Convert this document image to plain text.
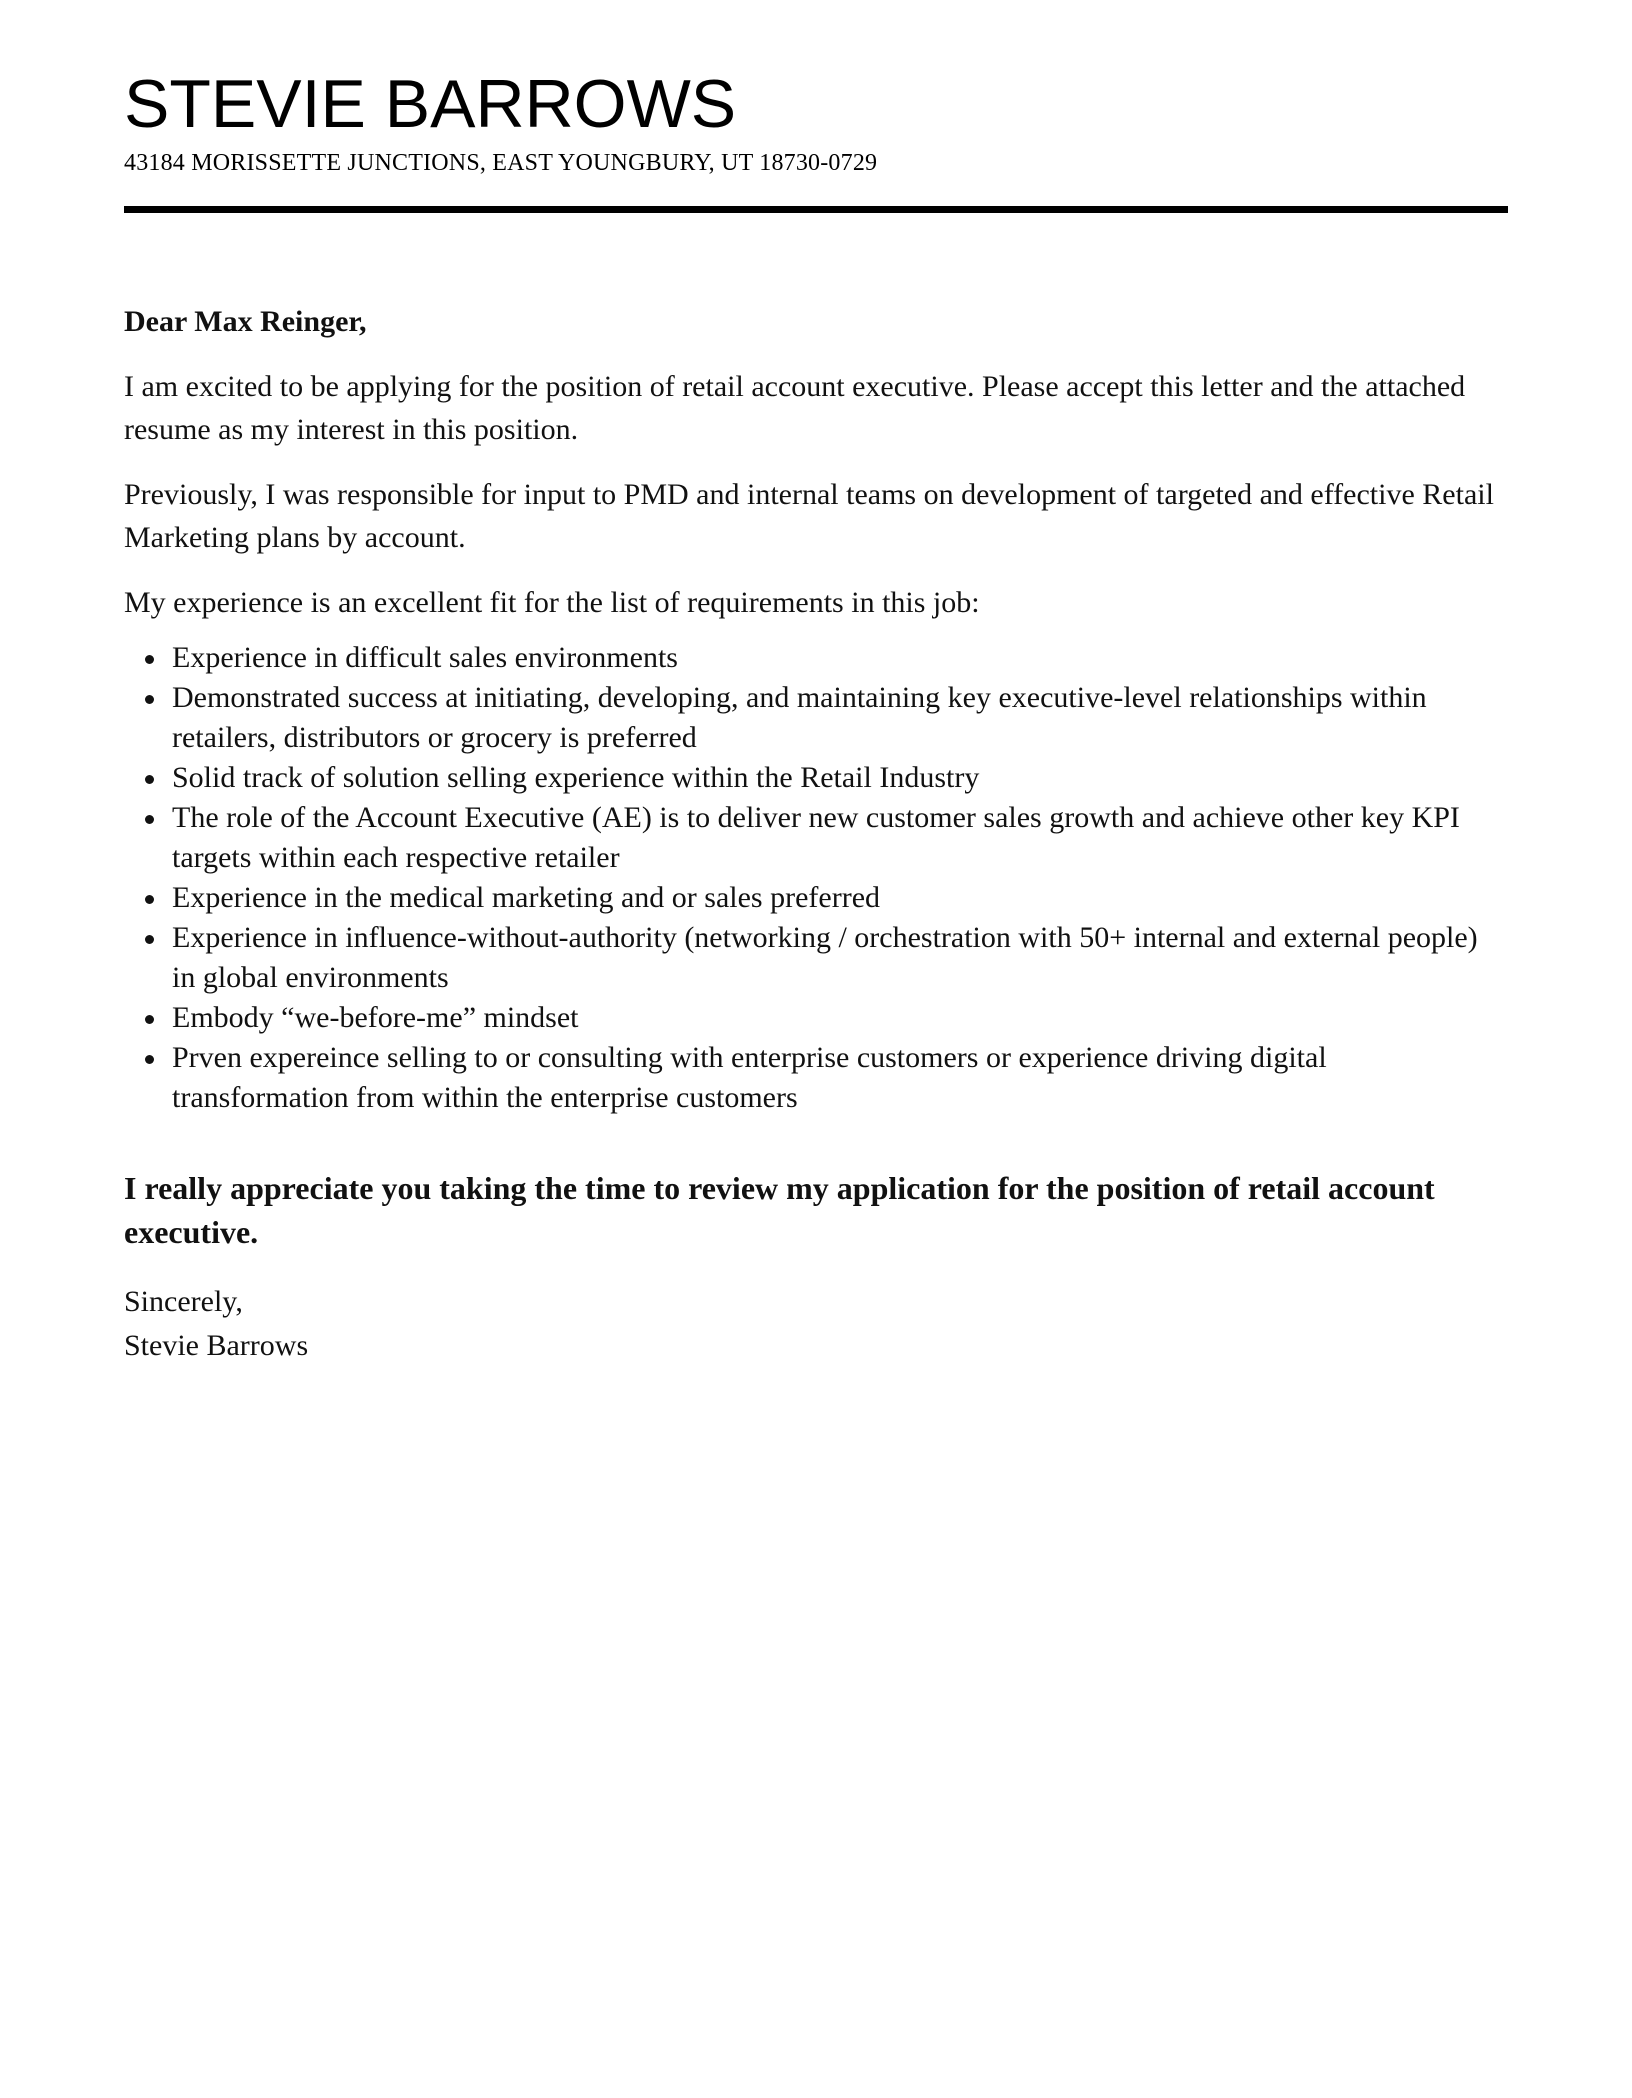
STEVIE BARROWS
43184 MORISSETTE JUNCTIONS, EAST YOUNGBURY, UT 18730-0729

Dear Max Reinger,

I am excited to be applying for the position of retail account executive. Please accept this letter and the attached resume as my interest in this position.

Previously, I was responsible for input to PMD and internal teams on development of targeted and effective Retail Marketing plans by account.

My experience is an excellent fit for the list of requirements in this job:

Experience in difficult sales environments
Demonstrated success at initiating, developing, and maintaining key executive-level relationships within retailers, distributors or grocery is preferred
Solid track of solution selling experience within the Retail Industry
The role of the Account Executive (AE) is to deliver new customer sales growth and achieve other key KPI targets within each respective retailer
Experience in the medical marketing and or sales preferred
Experience in influence-without-authority (networking / orchestration with 50+ internal and external people) in global environments
Embody “we-before-me” mindset
Prven expereince selling to or consulting with enterprise customers or experience driving digital transformation from within the enterprise customers

I really appreciate you taking the time to review my application for the position of retail account executive.

Sincerely,
Stevie Barrows
